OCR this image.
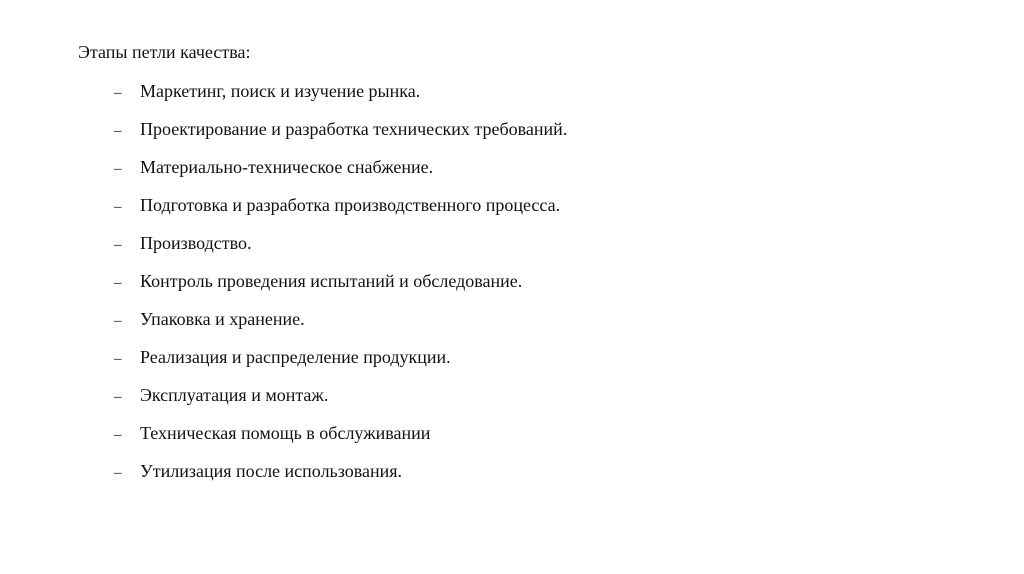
Этапы петли качества:
–	Маркетинг, поиск и изучение рынка.
–	Проектирование и разработка технических требований.
–	Материально-техническое снабжение.
–	Подготовка и разработка производственного процесса.
–	Производство.
–	Контроль проведения испытаний и обследование.
–	Упаковка и хранение.
–	Реализация и распределение продукции.
–	Эксплуатация и монтаж.
–	Техническая помощь в обслуживании
–	Утилизация после использования.
